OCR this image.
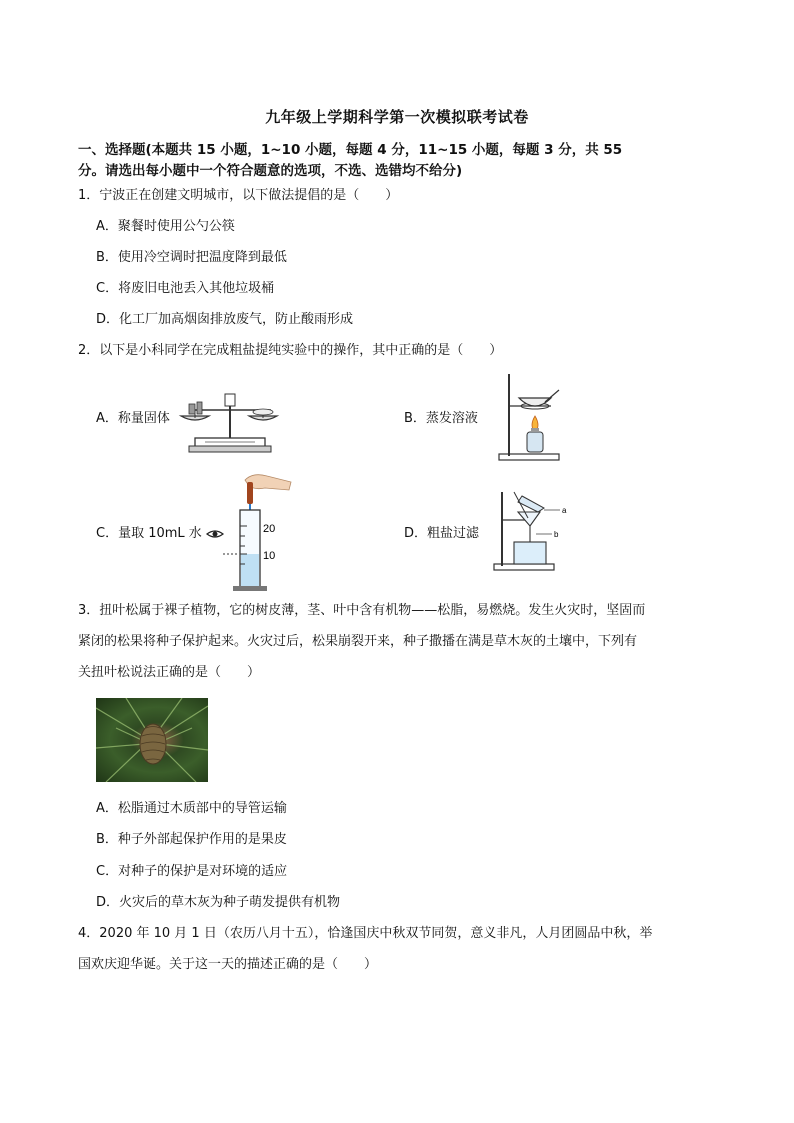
九年级上学期科学第一次模拟联考试卷
一、选择题(本题共 15 小题，1~10 小题，每题 4 分，11~15 小题，每题 3 分，共 55
分。请选出每小题中一个符合题意的选项，不选、选错均不给分)
1．宁波正在创建文明城市，以下做法提倡的是（　　）
A．聚餐时使用公勺公筷
B．使用冷空调时把温度降到最低
C．将废旧电池丢入其他垃圾桶
D．化工厂加高烟囱排放废气，防止酸雨形成
2．以下是小科同学在完成粗盐提纯实验中的操作，其中正确的是（　　）
A．称量固体	B．蒸发溶液
C．量取 10mL 水	D．粗盐过滤
20
10
a
b
3．扭叶松属于裸子植物，它的树皮薄，茎、叶中含有机物——松脂，易燃烧。发生火灾时，坚固而
紧闭的松果将种子保护起来。火灾过后，松果崩裂开来，种子撒播在满是草木灰的土壤中，下列有
关扭叶松说法正确的是（　　）
A．松脂通过木质部中的导管运输
B．种子外部起保护作用的是果皮
C．对种子的保护是对环境的适应
D．火灾后的草木灰为种子萌发提供有机物
4．2020 年 10 月 1 日（农历八月十五），恰逢国庆中秋双节同贺，意义非凡，人月团圆品中秋，举
国欢庆迎华诞。关于这一天的描述正确的是（　　）
